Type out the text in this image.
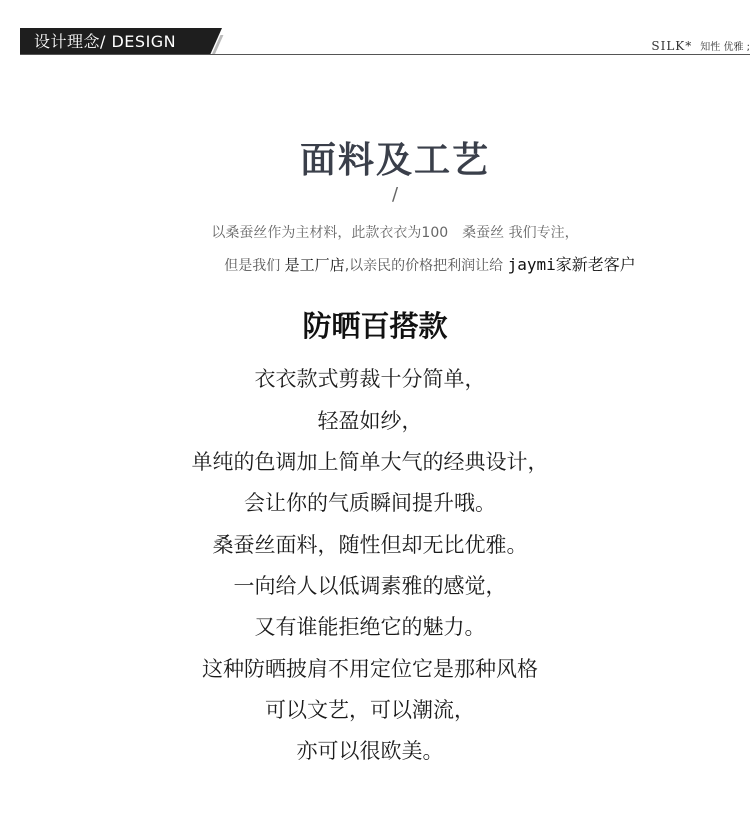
设计理念/ DESIGN	SILK* 知性 优雅 ;
面料及工艺
/
以桑蚕丝作为主材料，此款衣衣为100　桑蚕丝 我们专注，
但是我们 是工厂店,以亲民的价格把利润让给 jaymi家新老客户
防晒百搭款
衣衣款式剪裁十分简单，
轻盈如纱，
单纯的色调加上简单大气的经典设计，
会让你的气质瞬间提升哦。
桑蚕丝面料，随性但却无比优雅。
一向给人以低调素雅的感觉，
又有谁能拒绝它的魅力。
这种防晒披肩不用定位它是那种风格
可以文艺，可以潮流，
亦可以很欧美。
